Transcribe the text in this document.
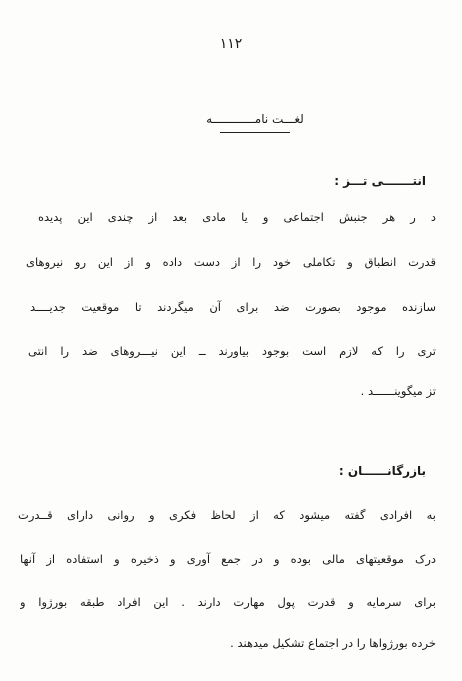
١١٢
لغـــت نامــــــــــــه
انتـــــــی تـــز :
د ر هر جنبش اجتماعی و یا مادی بعد از چندی این پدیده
قدرت انطباق و تکاملی خود را از دست داده و از این رو نیروهای
سازنده موجود بصورت ضد برای آن میگردند تا موقعیت جدیــــد
تری را که لازم است بوجود بیاورند ــ این نیـــروهای ضد را انتی
تز میگوینــــــد .
بازرگانــــــان :
به افرادی گفته میشود که از لحاظ فکری و روانی دارای قــدرت
درک موقعیتهای مالی بوده و در جمع آوری و ذخیره و استفاده از آنها
برای سرمایه و قدرت پول مهارت دارند . این افراد طبقه بورژوا و
خرده بورژواها را در اجتماع تشکیل میدهند .
